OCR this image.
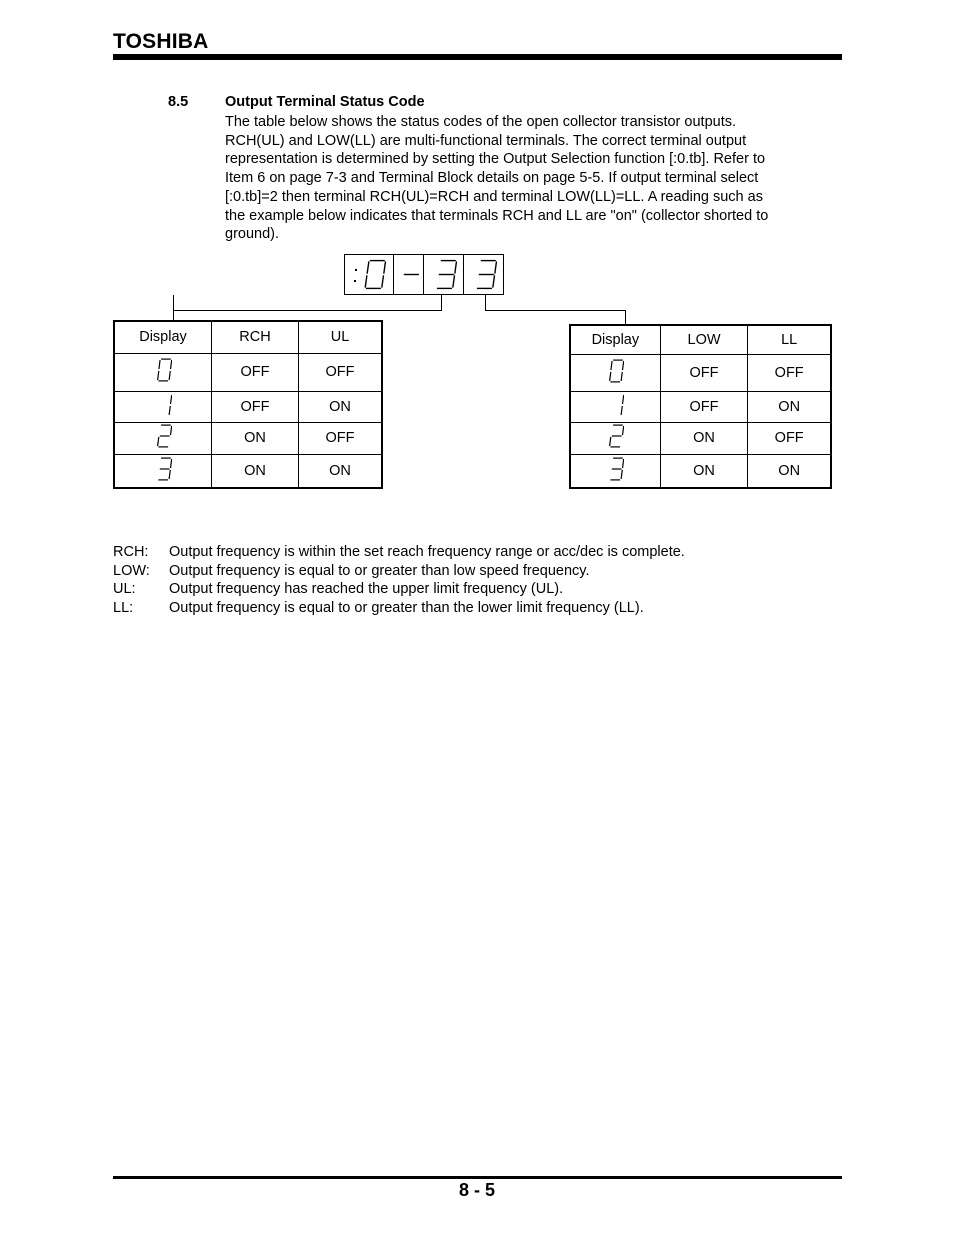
TOSHIBA
8.5	Output Terminal Status Code
The table below shows the status codes of the open collector transistor outputs.
RCH(UL) and LOW(LL) are multi-functional terminals. The correct terminal output
representation is determined by setting the Output Selection function [:0.tb]. Refer to
Item 6 on page 7-3 and Terminal Block details on page 5-5. If output terminal select
[:0.tb]=2 then terminal RCH(UL)=RCH and terminal LOW(LL)=LL. A reading such as
the example below indicates that terminals RCH and LL are "on" (collector shorted to
ground).
Display	RCH	UL
	OFF	OFF
	OFF	ON
	ON	OFF
	ON	ON
Display	LOW	LL
	OFF	OFF
	OFF	ON
	ON	OFF
	ON	ON
RCH: Output frequency is within the set reach frequency range or acc/dec is complete.
LOW: Output frequency is equal to or greater than low speed frequency.
UL: Output frequency has reached the upper limit frequency (UL).
LL: Output frequency is equal to or greater than the lower limit frequency (LL).
8 - 5
